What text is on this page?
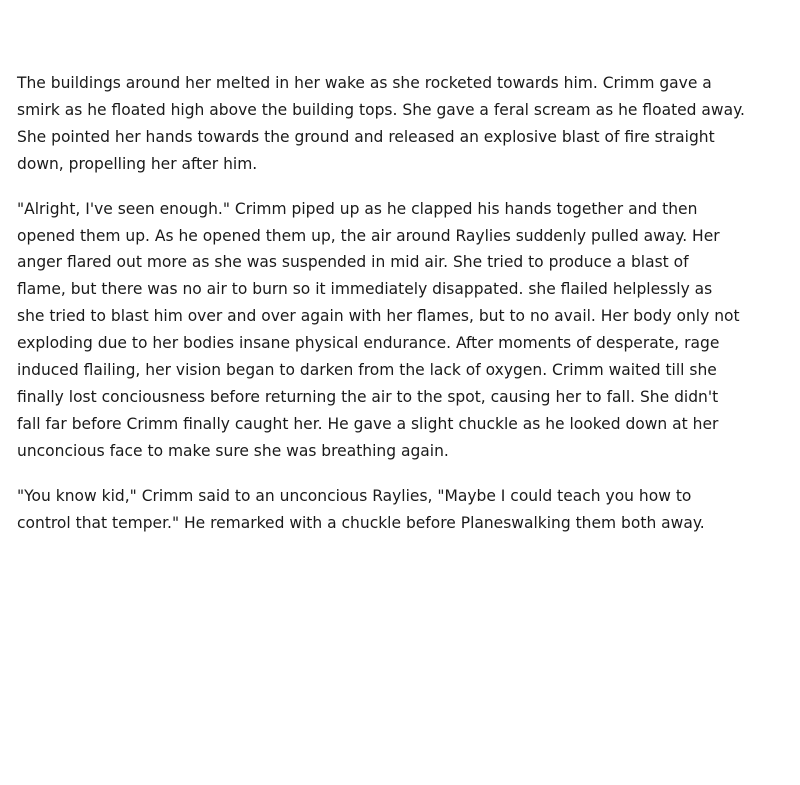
The buildings around her melted in her wake as she rocketed towards him. Crimm gave a
smirk as he floated high above the building tops. She gave a feral scream as he floated away.
She pointed her hands towards the ground and released an explosive blast of fire straight
down, propelling her after him.

"Alright, I've seen enough." Crimm piped up as he clapped his hands together and then
opened them up. As he opened them up, the air around Raylies suddenly pulled away. Her
anger flared out more as she was suspended in mid air. She tried to produce a blast of
flame, but there was no air to burn so it immediately disappated. she flailed helplessly as
she tried to blast him over and over again with her flames, but to no avail. Her body only not
exploding due to her bodies insane physical endurance. After moments of desperate, rage
induced flailing, her vision began to darken from the lack of oxygen. Crimm waited till she
finally lost conciousness before returning the air to the spot, causing her to fall. She didn't
fall far before Crimm finally caught her. He gave a slight chuckle as he looked down at her
unconcious face to make sure she was breathing again.

"You know kid," Crimm said to an unconcious Raylies, "Maybe I could teach you how to
control that temper." He remarked with a chuckle before Planeswalking them both away.
